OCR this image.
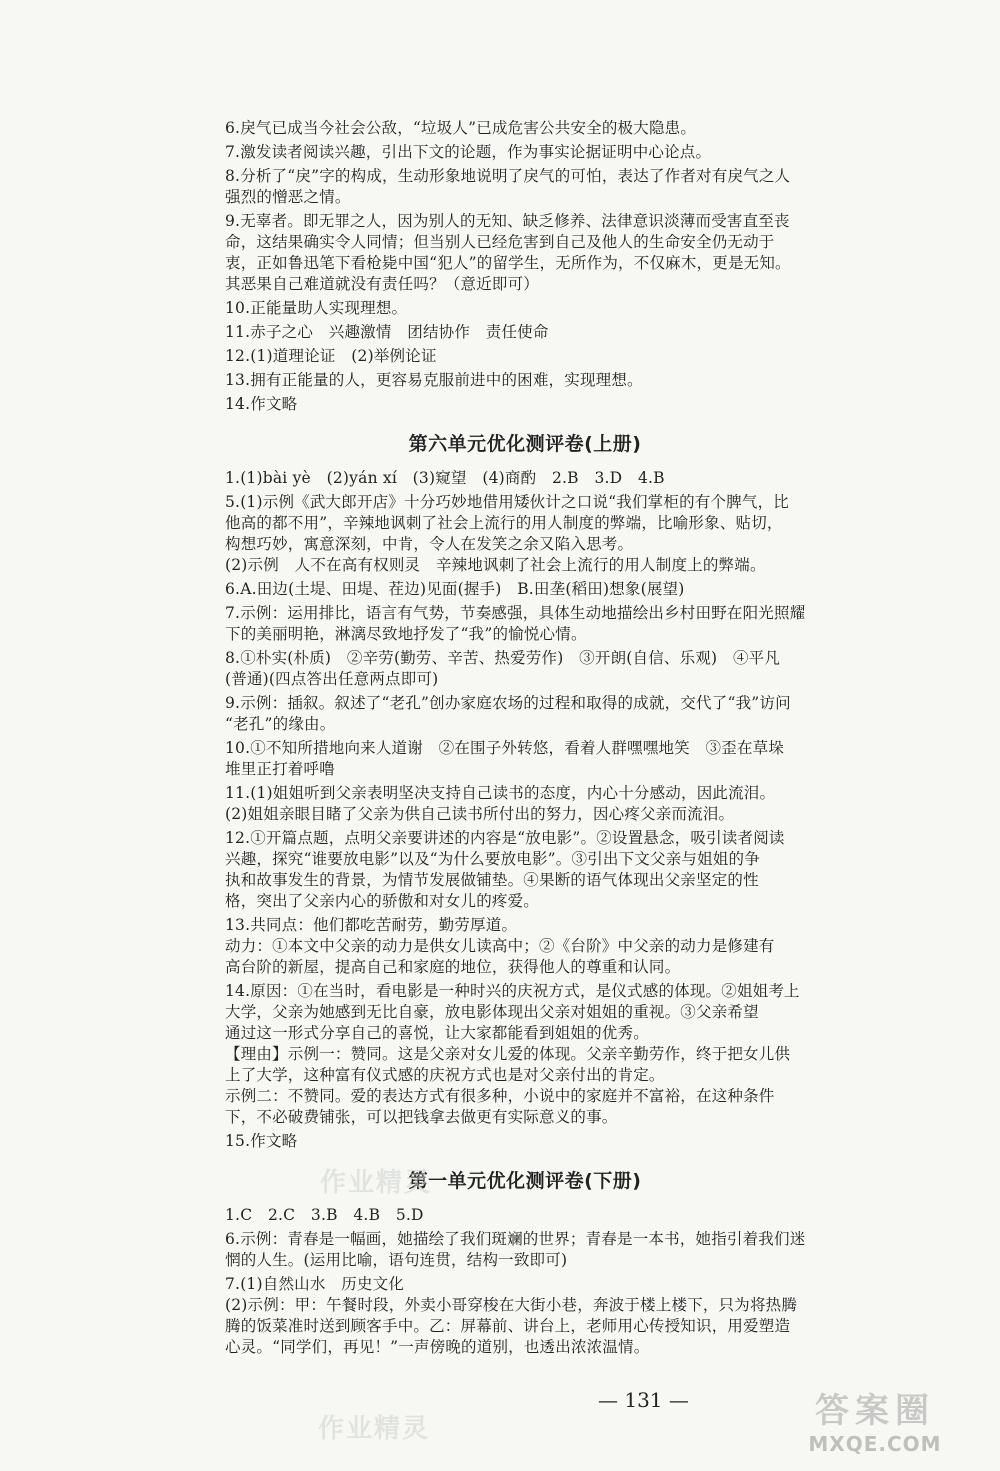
6.戾气已成当今社会公敌，“垃圾人”已成危害公共安全的极大隐患。

7.激发读者阅读兴趣，引出下文的论题，作为事实论据证明中心论点。

8.分析了“戾”字的构成，生动形象地说明了戾气的可怕，表达了作者对有戾气之人

强烈的憎恶之情。

9.无辜者。即无罪之人，因为别人的无知、缺乏修养、法律意识淡薄而受害直至丧

命，这结果确实令人同情；但当别人已经危害到自己及他人的生命安全仍无动于

衷，正如鲁迅笔下看枪毙中国“犯人”的留学生，无所作为，不仅麻木，更是无知。

其恶果自己难道就没有责任吗？（意近即可）

10.正能量助人实现理想。

11.赤子之心　兴趣激情　团结协作　责任使命

12.(1)道理论证　(2)举例论证

13.拥有正能量的人，更容易克服前进中的困难，实现理想。

14.作文略

第六单元优化测评卷(上册)

1.(1)bài yè　(2)yán xí　(3)窥望　(4)商酌　2.B　3.D　4.B

5.(1)示例《武大郎开店》十分巧妙地借用矮伙计之口说“我们掌柜的有个脾气，比

他高的都不用”，辛辣地讽刺了社会上流行的用人制度的弊端，比喻形象、贴切，

构想巧妙，寓意深刻，中肯，令人在发笑之余又陷入思考。

(2)示例　人不在高有权则灵　辛辣地讽刺了社会上流行的用人制度上的弊端。

6.A.田边(土堤、田堤、茬边)见面(握手)　B.田垄(稻田)想象(展望)

7.示例：运用排比，语言有气势，节奏感强，具体生动地描绘出乡村田野在阳光照耀

下的美丽明艳，淋漓尽致地抒发了“我”的愉悦心情。

8.①朴实(朴质)　②辛劳(勤劳、辛苦、热爱劳作)　③开朗(自信、乐观)　④平凡

(普通)(四点答出任意两点即可)

9.示例：插叙。叙述了“老孔”创办家庭农场的过程和取得的成就，交代了“我”访问

“老孔”的缘由。

10.①不知所措地向来人道谢　②在围子外转悠，看着人群嘿嘿地笑　③歪在草垛

堆里正打着呼噜

11.(1)姐姐听到父亲表明坚决支持自己读书的态度，内心十分感动，因此流泪。

(2)姐姐亲眼目睹了父亲为供自己读书所付出的努力，因心疼父亲而流泪。

12.①开篇点题，点明父亲要讲述的内容是“放电影”。②设置悬念，吸引读者阅读

兴趣，探究“谁要放电影”以及“为什么要放电影”。③引出下文父亲与姐姐的争

执和故事发生的背景，为情节发展做铺垫。④果断的语气体现出父亲坚定的性

格，突出了父亲内心的骄傲和对女儿的疼爱。

13.共同点：他们都吃苦耐劳，勤劳厚道。

动力：①本文中父亲的动力是供女儿读高中；②《台阶》中父亲的动力是修建有

高台阶的新屋，提高自己和家庭的地位，获得他人的尊重和认同。

14.原因：①在当时，看电影是一种时兴的庆祝方式，是仪式感的体现。②姐姐考上

大学，父亲为她感到无比自豪，放电影体现出父亲对姐姐的重视。③父亲希望

通过这一形式分享自己的喜悦，让大家都能看到姐姐的优秀。

【理由】示例一：赞同。这是父亲对女儿爱的体现。父亲辛勤劳作，终于把女儿供

上了大学，这种富有仪式感的庆祝方式也是对父亲付出的肯定。

示例二：不赞同。爱的表达方式有很多种，小说中的家庭并不富裕，在这种条件

下，不必破费铺张，可以把钱拿去做更有实际意义的事。

15.作文略

第一单元优化测评卷(下册)

1.C　2.C　3.B　4.B　5.D

6.示例：青春是一幅画，她描绘了我们斑斓的世界；青春是一本书，她指引着我们迷

惘的人生。(运用比喻，语句连贯，结构一致即可)

7.(1)自然山水　历史文化

(2)示例：甲：午餐时段，外卖小哥穿梭在大街小巷，奔波于楼上楼下，只为将热腾

腾的饭菜准时送到顾客手中。乙：屏幕前、讲台上，老师用心传授知识，用爱塑造

心灵。“同学们，再见！”一声傍晚的道别，也透出浓浓温情。

— 131 —
作业精灵
作业精灵	答案圈
MXQE.COM
